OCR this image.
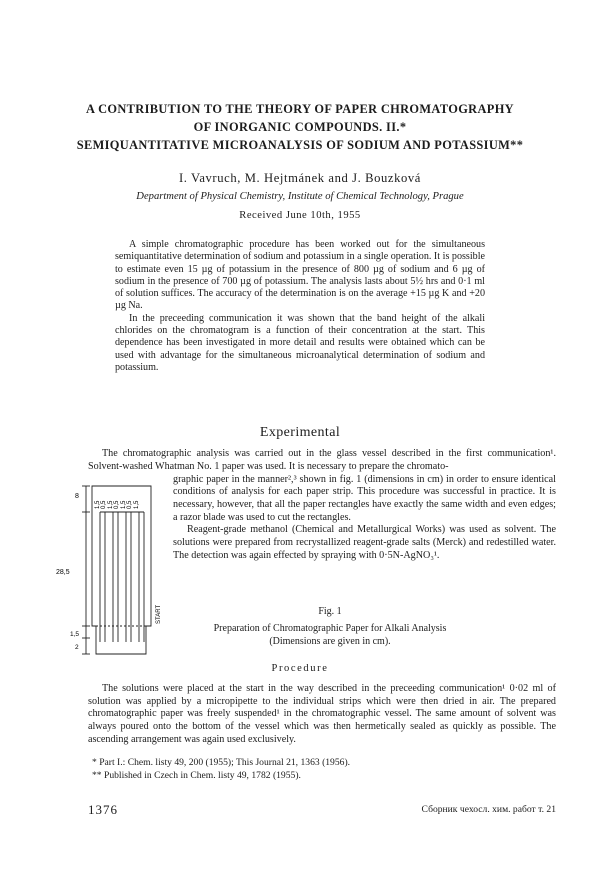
A CONTRIBUTION TO THE THEORY OF PAPER CHROMATOGRAPHY
OF INORGANIC COMPOUNDS. II.*
SEMIQUANTITATIVE MICROANALYSIS OF SODIUM AND POTASSIUM**
I. Vavruch, M. Hejtmánek and J. Bouzková
Department of Physical Chemistry, Institute of Chemical Technology, Prague
Received June 10th, 1955

A simple chromatographic procedure has been worked out for the simultaneous semiquantitative determination of sodium and potassium in a single operation. It is possible to estimate even 15 µg of potassium in the presence of 800 µg of sodium and 6 µg of sodium in the presence of 700 µg of potassium. The analysis lasts about 5½ hrs and 0·1 ml of solution suffices. The accuracy of the determination is on the average +15 µg K and +20 µg Na.

In the preceeding communication it was shown that the band height of the alkali chlorides on the chromatogram is a function of their concentration at the start. This dependence has been investigated in more detail and results were obtained which can be used with advantage for the simultaneous microanalytical determination of sodium and potassium.

Experimental

The chromatographic analysis was carried out in the glass vessel described in the first communication¹. Solvent-washed Whatman No. 1 paper was used. It is necessary to prepare the chromato-

graphic paper in the manner²,³ shown in fig. 1 (dimensions in cm) in order to ensure identical conditions of analysis for each paper strip. This procedure was successful in practice. It is necessary, however, that all the paper rectangles have exactly the same width and even edges; a razor blade was used to cut the rectangles.

Reagent-grade methanol (Chemical and Metallurgical Works) was used as solvent. The solutions were prepared from recrystallized reagent-grade salts (Merck) and redestilled water. The detection was again effected by spraying with 0·5N-AgNO₃¹.

8
28,5
1,5
2
1,5 0,5 1,5 0,5 1,5 0,5 1,5
START	Fig. 1
Preparation of Chromatographic Paper for Alkali Analysis
(Dimensions are given in cm).
Procedure

The solutions were placed at the start in the way described in the preceeding communication¹ 0·02 ml of solution was applied by a micropipette to the individual strips which were then dried in air. The prepared chromatographic paper was freely suspended¹ in the chromatographic vessel. The same amount of solvent was always poured onto the bottom of the vessel which was then hermetically sealed as quickly as possible. The ascending arrangement was again used exclusively.

* Part I.: Chem. listy 49, 200 (1955); This Journal 21, 1363 (1956).
** Published in Czech in Chem. listy 49, 1782 (1955).
1376	Сборник чехосл. хим. работ т. 21
